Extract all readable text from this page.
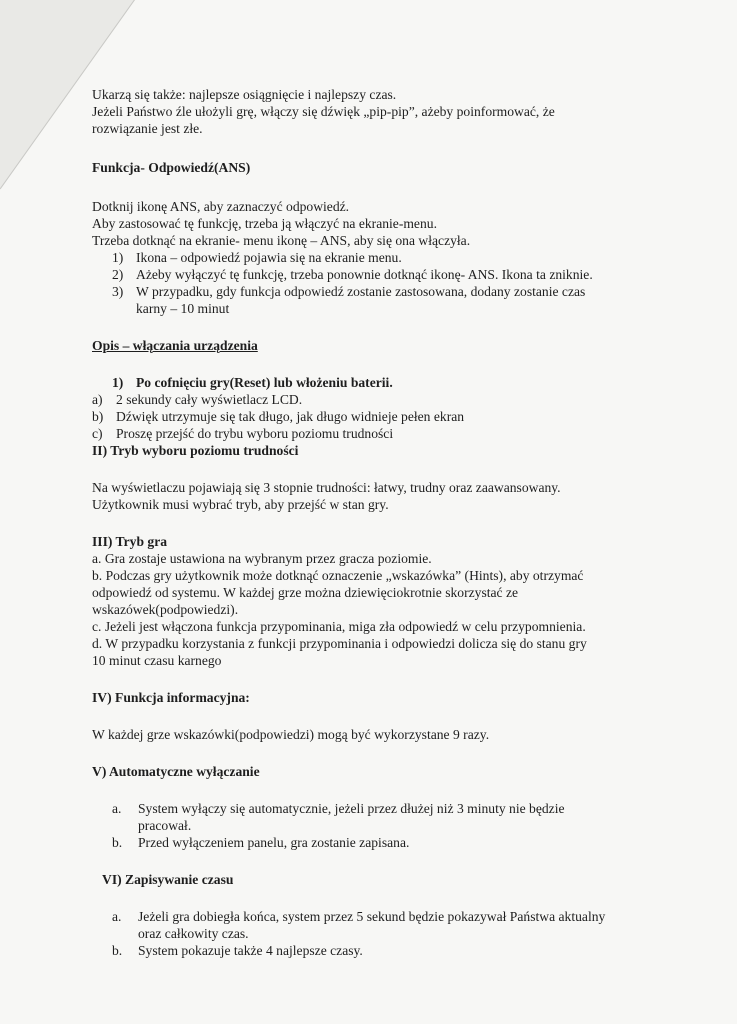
Ukarzą się także: najlepsze osiągnięcie i najlepszy czas.

Jeżeli Państwo źle ułożyli grę, włączy się dźwięk „pip-pip”, ażeby poinformować, że

rozwiązanie jest złe.

Funkcja- Odpowiedź(ANS)

Dotknij ikonę ANS, aby zaznaczyć odpowiedź.

Aby zastosować tę funkcję, trzeba ją włączyć na ekranie-menu.

Trzeba dotknąć na ekranie- menu ikonę – ANS, aby się ona włączyła.

1) Ikona – odpowiedź pojawia się na ekranie menu.
2) Ażeby wyłączyć tę funkcję, trzeba ponownie dotknąć ikonę- ANS. Ikona ta zniknie.
3) W przypadku, gdy funkcja odpowiedź zostanie zastosowana, dodany zostanie czas
karny – 10 minut

Opis – włączania urządzenia

1) Po cofnięciu gry(Reset) lub włożeniu baterii.
a) 2 sekundy cały wyświetlacz LCD.
b) Dźwięk utrzymuje się tak długo, jak długo widnieje pełen ekran
c) Proszę przejść do trybu wyboru poziomu trudności

II) Tryb wyboru poziomu trudności

Na wyświetlaczu pojawiają się 3 stopnie trudności: łatwy, trudny oraz zaawansowany.

Użytkownik musi wybrać tryb, aby przejść w stan gry.

III) Tryb gra

a. Gra zostaje ustawiona na wybranym przez gracza poziomie.

b. Podczas gry użytkownik może dotknąć oznaczenie „wskazówka” (Hints), aby otrzymać

odpowiedź od systemu. W każdej grze można dziewięciokrotnie skorzystać ze

wskazówek(podpowiedzi).

c. Jeżeli jest włączona funkcja przypominania, miga zła odpowiedź w celu przypomnienia.

d. W przypadku korzystania z funkcji przypominania i odpowiedzi dolicza się do stanu gry

10 minut czasu karnego

IV) Funkcja informacyjna:

W każdej grze wskazówki(podpowiedzi) mogą być wykorzystane 9 razy.

V) Automatyczne wyłączanie

a.	System wyłączy się automatycznie, jeżeli przez dłużej niż 3 minuty nie będzie
pracował.
b.	Przed wyłączeniem panelu, gra zostanie zapisana.

VI) Zapisywanie czasu

a.	Jeżeli gra dobiegła końca, system przez 5 sekund będzie pokazywał Państwa aktualny
oraz całkowity czas.
b.	System pokazuje także 4 najlepsze czasy.
